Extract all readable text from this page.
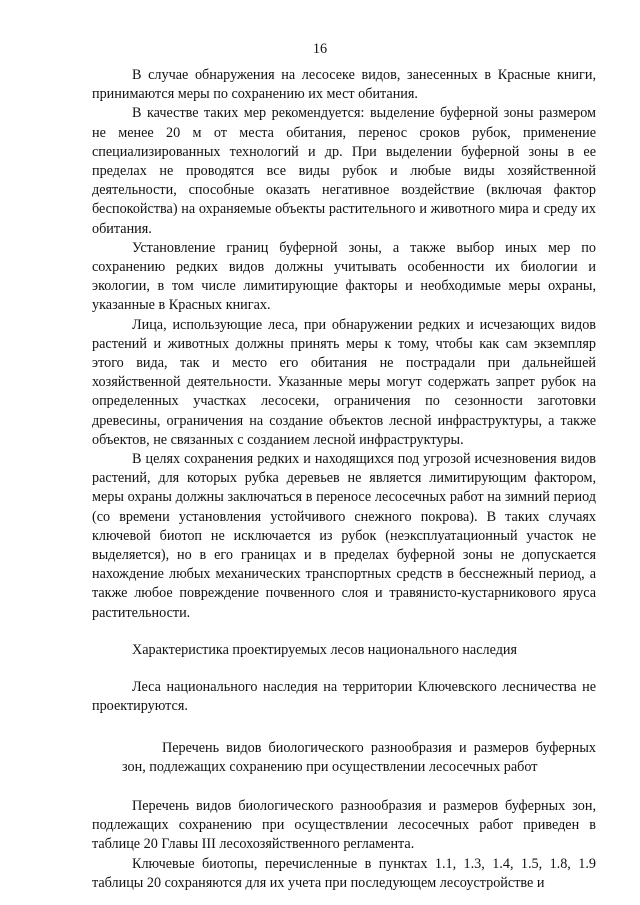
16

В случае обнаружения на лесосеке видов, занесенных в Красные книги, принимаются меры по сохранению их мест обитания.

В качестве таких мер рекомендуется: выделение буферной зоны размером не менее 20 м от места обитания, перенос сроков рубок, применение специализированных технологий и др. При выделении буферной зоны в ее пределах не проводятся все виды рубок и любые виды хозяйственной деятельности, способные оказать негативное воздействие (включая фактор беспокойства) на охраняемые объекты растительного и животного мира и среду их обитания.

Установление границ буферной зоны, а также выбор иных мер по сохранению редких видов должны учитывать особенности их биологии и экологии, в том числе лимитирующие факторы и необходимые меры охраны, указанные в Красных книгах.

Лица, использующие леса, при обнаружении редких и исчезающих видов растений и животных должны принять меры к тому, чтобы как сам экземпляр этого вида, так и место его обитания не пострадали при дальнейшей хозяйственной деятельности. Указанные меры могут содержать запрет рубок на определенных участках лесосеки, ограничения по сезонности заготовки древесины, ограничения на создание объектов лесной инфраструктуры, а также объектов, не связанных с созданием лесной инфраструктуры.

В целях сохранения редких и находящихся под угрозой исчезновения видов растений, для которых рубка деревьев не является лимитирующим фактором, меры охраны должны заключаться в переносе лесосечных работ на зимний период (со времени установления устойчивого снежного покрова). В таких случаях ключевой биотоп не исключается из рубок (неэксплуатационный участок не выделяется), но в его границах и в пределах буферной зоны не допускается нахождение любых механических транспортных средств в бесснежный период, а также любое повреждение почвенного слоя и травянисто-кустарникового яруса растительности.

Характеристика проектируемых лесов национального наследия

Леса национального наследия на территории Ключевского лесничества не проектируются.

Перечень видов биологического разнообразия и размеров буферных зон, подлежащих сохранению при осуществлении лесосечных работ

Перечень видов биологического разнообразия и размеров буферных зон, подлежащих сохранению при осуществлении лесосечных работ приведен в таблице 20 Главы III лесохозяйственного регламента.

Ключевые биотопы, перечисленные в пунктах 1.1, 1.3, 1.4, 1.5, 1.8, 1.9 таблицы 20 сохраняются для их учета при последующем лесоустройстве и
